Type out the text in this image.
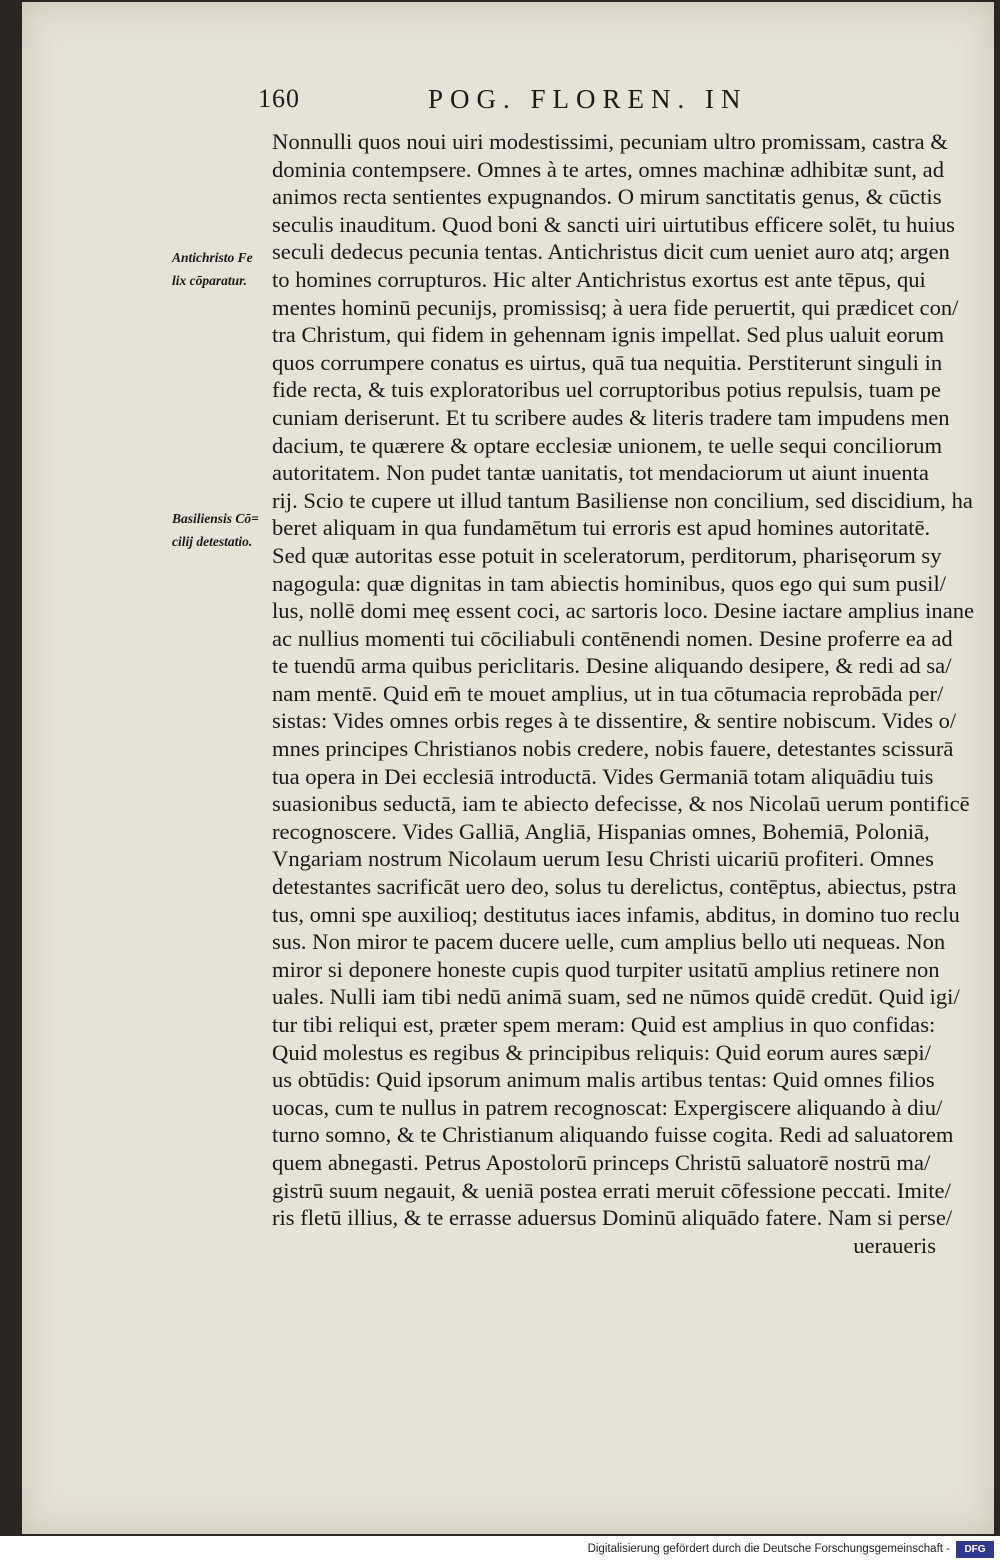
160	POG. FLOREN. IN
Antichristo Fe
lix cōparatur.
Basiliensis Cō=
cilij detestatio.
Nonnulli quos noui uiri modestissimi, pecuniam ultro promissam, castra &
dominia contempsere. Omnes à te artes, omnes machinæ adhibitæ sunt, ad
animos recta sentientes expugnandos. O mirum sanctitatis genus, & cūctis
seculis inauditum. Quod boni & sancti uiri uirtutibus efficere solēt, tu huius
seculi dedecus pecunia tentas. Antichristus dicit cum ueniet auro atq; argen
to homines corrupturos. Hic alter Antichristus exortus est ante tēpus, qui
mentes hominū pecunijs, promissisq; à uera fide peruertit, qui prædicet con/
tra Christum, qui fidem in gehennam ignis impellat. Sed plus ualuit eorum
quos corrumpere conatus es uirtus, quā tua nequitia. Perstiterunt singuli in
fide recta, & tuis exploratoribus uel corruptoribus potius repulsis, tuam pe
cuniam deriserunt. Et tu scribere audes & literis tradere tam impudens men
dacium, te quærere & optare ecclesiæ unionem, te uelle sequi conciliorum
autoritatem. Non pudet tantæ uanitatis, tot mendaciorum ut aiunt inuenta
rij. Scio te cupere ut illud tantum Basiliense non concilium, sed discidium, ha
beret aliquam in qua fundamētum tui erroris est apud homines autoritatē.
Sed quæ autoritas esse potuit in sceleratorum, perditorum, pharisęorum sy
nagogula: quæ dignitas in tam abiectis hominibus, quos ego qui sum pusil/
lus, nollē domi meę essent coci, ac sartoris loco. Desine iactare amplius inane
ac nullius momenti tui cōciliabuli contēnendi nomen. Desine proferre ea ad
te tuendū arma quibus periclitaris. Desine aliquando desipere, & redi ad sa/
nam mentē. Quid em̄ te mouet amplius, ut in tua cōtumacia reprobāda per/
sistas: Vides omnes orbis reges à te dissentire, & sentire nobiscum. Vides o/
mnes principes Christianos nobis credere, nobis fauere, detestantes scissurā
tua opera in Dei ecclesiā introductā. Vides Germaniā totam aliquādiu tuis
suasionibus seductā, iam te abiecto defecisse, & nos Nicolaū uerum pontificē
recognoscere. Vides Galliā, Angliā, Hispanias omnes, Bohemiā, Poloniā,
Vngariam nostrum Nicolaum uerum Iesu Christi uicariū profiteri. Omnes
detestantes sacrificāt uero deo, solus tu derelictus, contēptus, abiectus, pstra
tus, omni spe auxilioq; destitutus iaces infamis, abditus, in domino tuo reclu
sus. Non miror te pacem ducere uelle, cum amplius bello uti nequeas. Non
miror si deponere honeste cupis quod turpiter usitatū amplius retinere non
uales. Nulli iam tibi nedū animā suam, sed ne nūmos quidē credūt. Quid igi/
tur tibi reliqui est, præter spem meram: Quid est amplius in quo confidas:
Quid molestus es regibus & principibus reliquis: Quid eorum aures sæpi/
us obtūdis: Quid ipsorum animum malis artibus tentas: Quid omnes filios
uocas, cum te nullus in patrem recognoscat: Expergiscere aliquando à diu/
turno somno, & te Christianum aliquando fuisse cogita. Redi ad saluatorem
quem abnegasti. Petrus Apostolorū princeps Christū saluatorē nostrū ma/
gistrū suum negauit, & ueniā postea errati meruit cōfessione peccati. Imite/
ris fletū illius, & te errasse aduersus Dominū aliquādo fatere. Nam si perse/
ueraueris
Digitalisierung gefördert durch die Deutsche Forschungsgemeinschaft -	DFG
